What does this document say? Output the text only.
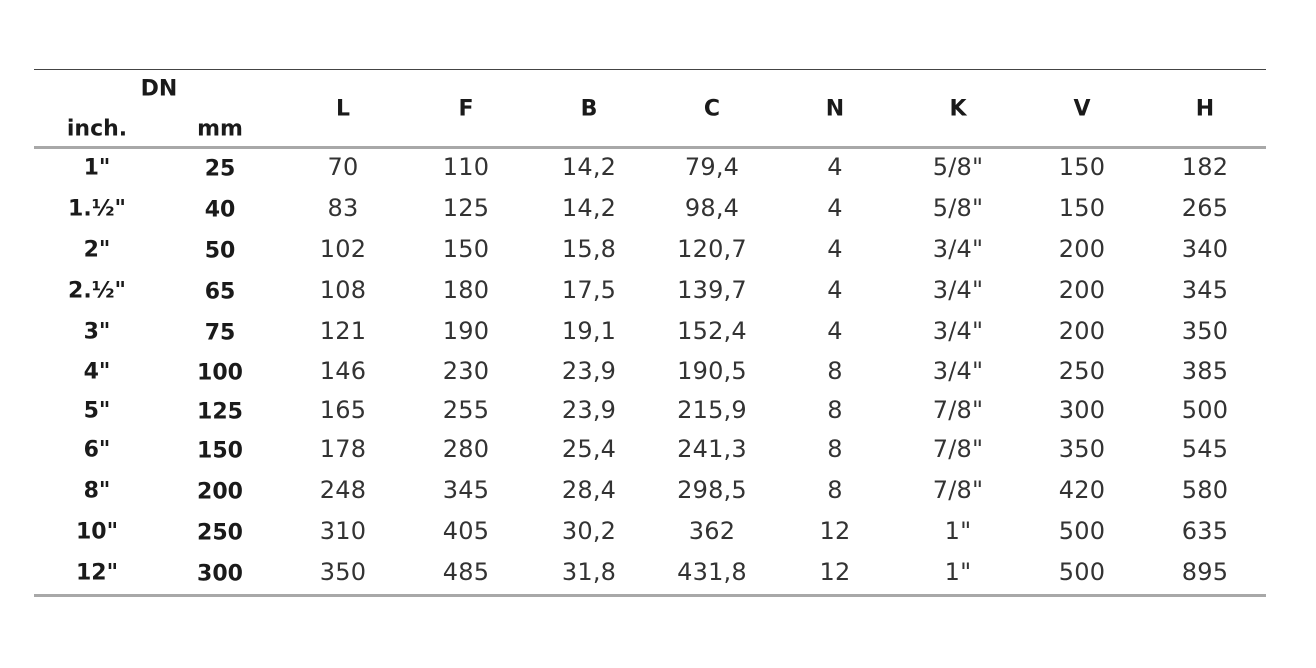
DN
inch.	mm
L	F	B	C	N	K	V	H
1"	25	70	110	14,2	79,4	4	5/8"	150	182
1.½"	40	83	125	14,2	98,4	4	5/8"	150	265
2"	50	102	150	15,8	120,7	4	3/4"	200	340
2.½"	65	108	180	17,5	139,7	4	3/4"	200	345
3"	75	121	190	19,1	152,4	4	3/4"	200	350
4"	100	146	230	23,9	190,5	8	3/4"	250	385
5"	125	165	255	23,9	215,9	8	7/8"	300	500
6"	150	178	280	25,4	241,3	8	7/8"	350	545
8"	200	248	345	28,4	298,5	8	7/8"	420	580
10"	250	310	405	30,2	362	12	1"	500	635
12"	300	350	485	31,8	431,8	12	1"	500	895
